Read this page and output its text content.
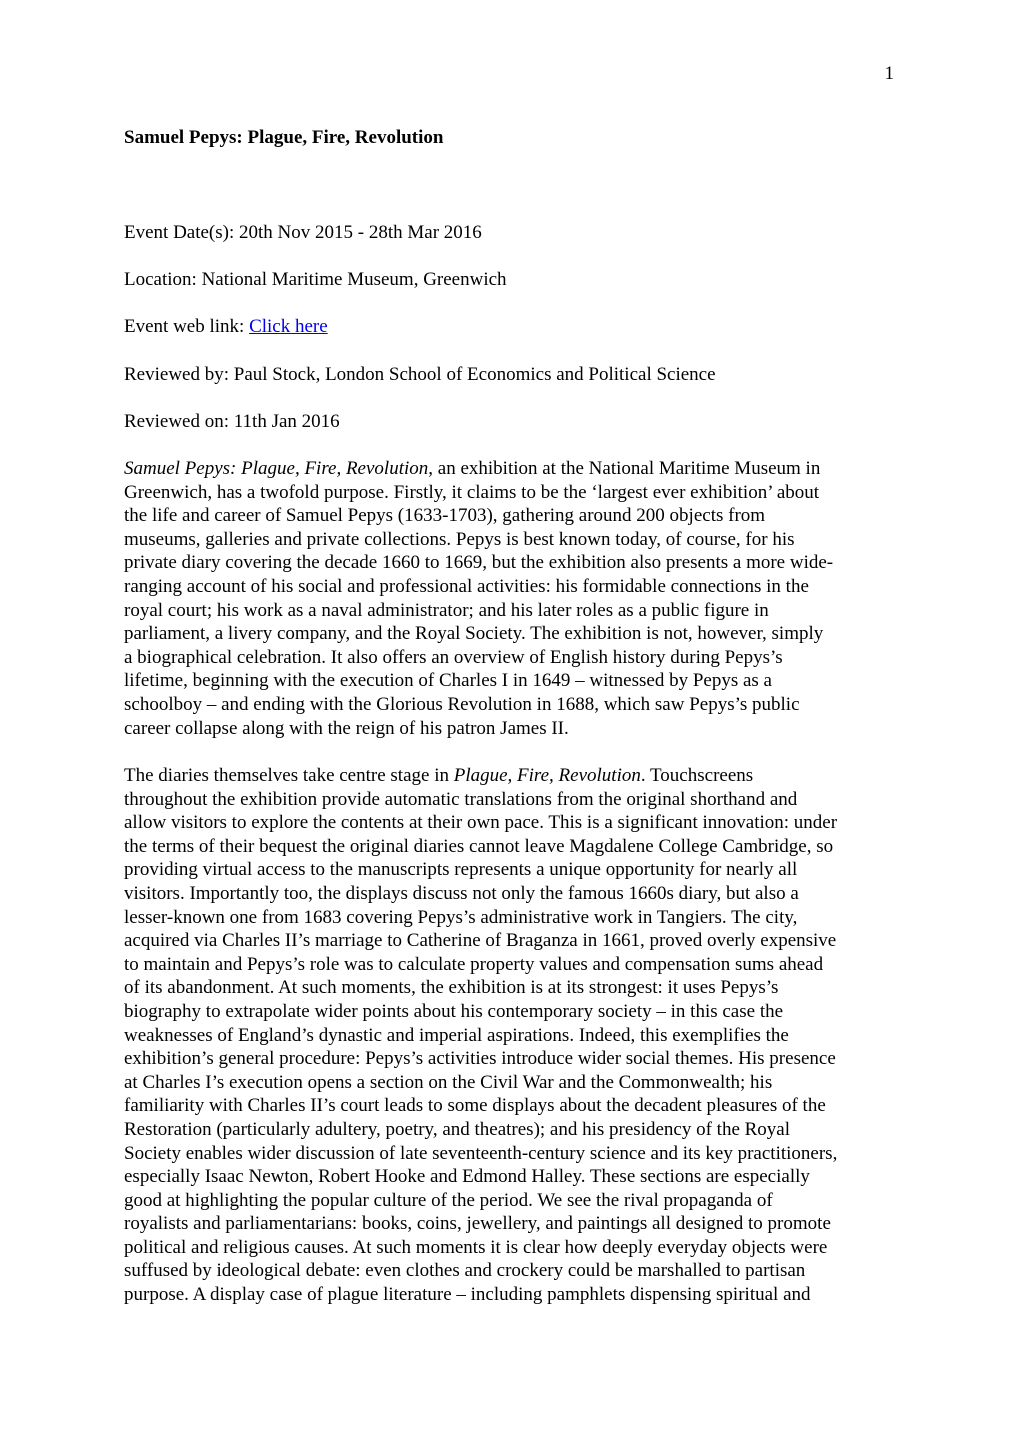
1
Samuel Pepys: Plague, Fire, Revolution

Event Date(s): 20th Nov 2015 - 28th Mar 2016

Location: National Maritime Museum, Greenwich

Event web link: Click here

Reviewed by: Paul Stock, London School of Economics and Political Science

Reviewed on: 11th Jan 2016

Samuel Pepys: Plague, Fire, Revolution, an exhibition at the National Maritime Museum in
Greenwich, has a twofold purpose. Firstly, it claims to be the ‘largest ever exhibition’ about
the life and career of Samuel Pepys (1633-1703), gathering around 200 objects from
museums, galleries and private collections. Pepys is best known today, of course, for his
private diary covering the decade 1660 to 1669, but the exhibition also presents a more wide-
ranging account of his social and professional activities: his formidable connections in the
royal court; his work as a naval administrator; and his later roles as a public figure in
parliament, a livery company, and the Royal Society. The exhibition is not, however, simply
a biographical celebration. It also offers an overview of English history during Pepys’s
lifetime, beginning with the execution of Charles I in 1649 – witnessed by Pepys as a
schoolboy – and ending with the Glorious Revolution in 1688, which saw Pepys’s public
career collapse along with the reign of his patron James II.
The diaries themselves take centre stage in Plague, Fire, Revolution. Touchscreens
throughout the exhibition provide automatic translations from the original shorthand and
allow visitors to explore the contents at their own pace. This is a significant innovation: under
the terms of their bequest the original diaries cannot leave Magdalene College Cambridge, so
providing virtual access to the manuscripts represents a unique opportunity for nearly all
visitors. Importantly too, the displays discuss not only the famous 1660s diary, but also a
lesser-known one from 1683 covering Pepys’s administrative work in Tangiers. The city,
acquired via Charles II’s marriage to Catherine of Braganza in 1661, proved overly expensive
to maintain and Pepys’s role was to calculate property values and compensation sums ahead
of its abandonment. At such moments, the exhibition is at its strongest: it uses Pepys’s
biography to extrapolate wider points about his contemporary society – in this case the
weaknesses of England’s dynastic and imperial aspirations. Indeed, this exemplifies the
exhibition’s general procedure: Pepys’s activities introduce wider social themes. His presence
at Charles I’s execution opens a section on the Civil War and the Commonwealth; his
familiarity with Charles II’s court leads to some displays about the decadent pleasures of the
Restoration (particularly adultery, poetry, and theatres); and his presidency of the Royal
Society enables wider discussion of late seventeenth-century science and its key practitioners,
especially Isaac Newton, Robert Hooke and Edmond Halley. These sections are especially
good at highlighting the popular culture of the period. We see the rival propaganda of
royalists and parliamentarians: books, coins, jewellery, and paintings all designed to promote
political and religious causes. At such moments it is clear how deeply everyday objects were
suffused by ideological debate: even clothes and crockery could be marshalled to partisan
purpose. A display case of plague literature – including pamphlets dispensing spiritual and
